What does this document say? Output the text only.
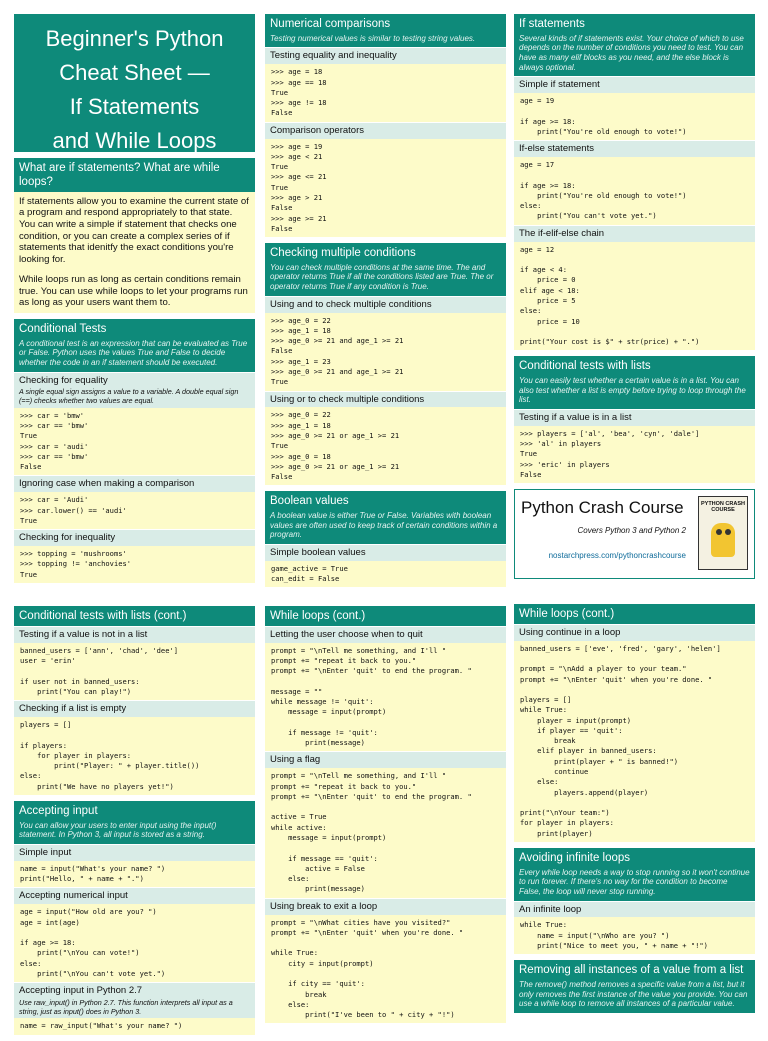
Beginner's Python
Cheat Sheet —
If Statements
and While Loops
What are if statements? What are while loops?

If statements allow you to examine the current state of a program and respond appropriately to that state. You can write a simple if statement that checks one condition, or you can create a complex series of if statements that idenitfy the exact conditions you're looking for.

While loops run as long as certain conditions remain true. You can use while loops to let your programs run as long as your users want them to.

Conditional Tests
A conditional test is an expression that can be evaluated as True or False. Python uses the values True and False to decide whether the code in an if statement should be executed.
Checking for equality
A single equal sign assigns a value to a variable. A double equal sign (==) checks whether two values are equal.
>>> car = 'bmw'
>>> car == 'bmw'
True
>>> car = 'audi'
>>> car == 'bmw'
False
Ignoring case when making a comparison
>>> car = 'Audi'
>>> car.lower() == 'audi'
True
Checking for inequality
>>> topping = 'mushrooms'
>>> topping != 'anchovies'
True
Numerical comparisons
Testing numerical values is similar to testing string values.
Testing equality and inequality
>>> age = 18
>>> age == 18
True
>>> age != 18
False
Comparison operators
>>> age = 19
>>> age < 21
True
>>> age <= 21
True
>>> age > 21
False
>>> age >= 21
False
Checking multiple conditions
You can check multiple conditions at the same time. The and operator returns True if all the conditions listed are True. The or operator returns True if any condition is True.
Using and to check multiple conditions
>>> age_0 = 22
>>> age_1 = 18
>>> age_0 >= 21 and age_1 >= 21
False
>>> age_1 = 23
>>> age_0 >= 21 and age_1 >= 21
True
Using or to check multiple conditions
>>> age_0 = 22
>>> age_1 = 18
>>> age_0 >= 21 or age_1 >= 21
True
>>> age_0 = 18
>>> age_0 >= 21 or age_1 >= 21
False
Boolean values
A boolean value is either True or False. Variables with boolean values are often used to keep track of certain conditions within a program.
Simple boolean values
game_active = True
can_edit = False
If statements
Several kinds of if statements exist. Your choice of which to use depends on the number of conditions you need to test. You can have as many elif blocks as you need, and the else block is always optional.
Simple if statement
age = 19

if age >= 18:
print("You're old enough to vote!")
If-else statements
age = 17

if age >= 18:
print("You're old enough to vote!")
else:
print("You can't vote yet.")
The if-elif-else chain
age = 12

if age < 4:
price = 0
elif age < 18:
price = 5
else:
price = 10

print("Your cost is $" + str(price) + ".")
Conditional tests with lists
You can easily test whether a certain value is in a list. You can also test whether a list is empty before trying to loop through the list.
Testing if a value is in a list
>>> players = ['al', 'bea', 'cyn', 'dale']
>>> 'al' in players
True
>>> 'eric' in players
False
Python Crash Course
Covers Python 3 and Python 2
nostarchpress.com/pythoncrashcourse
PYTHON CRASH COURSE
Conditional tests with lists (cont.)
Testing if a value is not in a list
banned_users = ['ann', 'chad', 'dee']
user = 'erin'

if user not in banned_users:
print("You can play!")
Checking if a list is empty
players = []

if players:
for player in players:
print("Player: " + player.title())
else:
print("We have no players yet!")
Accepting input
You can allow your users to enter input using the input() statement. In Python 3, all input is stored as a string.
Simple input
name = input("What's your name? ")
print("Hello, " + name + ".")
Accepting numerical input
age = input("How old are you? ")
age = int(age)

if age >= 18:
print("\nYou can vote!")
else:
print("\nYou can't vote yet.")
Accepting input in Python 2.7
Use raw_input() in Python 2.7. This function interprets all input as a string, just as input() does in Python 3.
name = raw_input("What's your name? ")
While loops (cont.)
Letting the user choose when to quit
prompt = "\nTell me something, and I'll "
prompt += "repeat it back to you."
prompt += "\nEnter 'quit' to end the program. "

message = ""
while message != 'quit':
message = input(prompt)

if message != 'quit':
print(message)
Using a flag
prompt = "\nTell me something, and I'll "
prompt += "repeat it back to you."
prompt += "\nEnter 'quit' to end the program. "

active = True
while active:
message = input(prompt)

if message == 'quit':
active = False
else:
print(message)
Using break to exit a loop
prompt = "\nWhat cities have you visited?"
prompt += "\nEnter 'quit' when you're done. "

while True:
city = input(prompt)

if city == 'quit':
break
else:
print("I've been to " + city + "!")
While loops (cont.)
Using continue in a loop
banned_users = ['eve', 'fred', 'gary', 'helen']

prompt = "\nAdd a player to your team."
prompt += "\nEnter 'quit' when you're done. "

players = []
while True:
player = input(prompt)
if player == 'quit':
break
elif player in banned_users:
print(player + " is banned!")
continue
else:
players.append(player)

print("\nYour team:")
for player in players:
print(player)
Avoiding infinite loops
Every while loop needs a way to stop running so it won't continue to run forever. If there's no way for the condition to become False, the loop will never stop running.
An infinite loop
while True:
name = input("\nWho are you? ")
print("Nice to meet you, " + name + "!")
Removing all instances of a value from a list
The remove() method removes a specific value from a list, but it only removes the first instance of the value you provide. You can use a while loop to remove all instances of a particular value.
